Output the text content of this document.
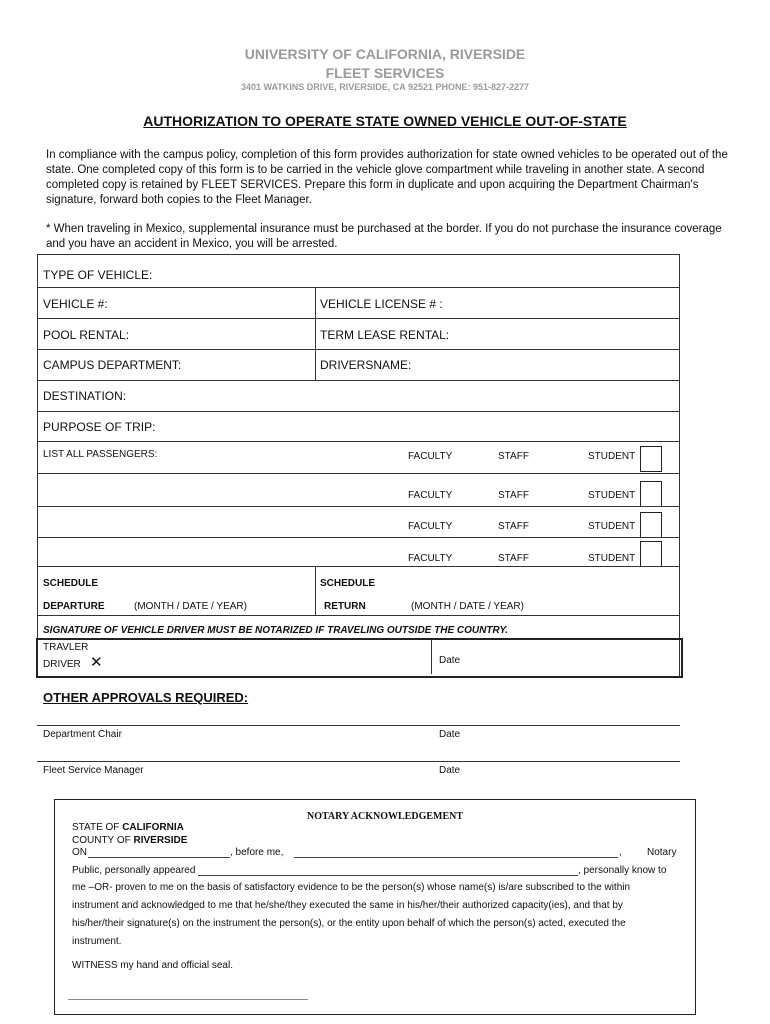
UNIVERSITY OF CALIFORNIA, RIVERSIDE
FLEET SERVICES
3401 WATKINS DRIVE, RIVERSIDE, CA 92521 PHONE: 951-827-2277
AUTHORIZATION TO OPERATE STATE OWNED VEHICLE OUT-OF-STATE
In compliance with the campus policy, completion of this form provides authorization for state owned vehicles to be operated out of the state. One completed copy of this form is to be carried in the vehicle glove compartment while traveling in another state. A second completed copy is retained by FLEET SERVICES. Prepare this form in duplicate and upon acquiring the Department Chairman's signature, forward both copies to the Fleet Manager.
* When traveling in Mexico, supplemental insurance must be purchased at the border. If you do not purchase the insurance coverage and you have an accident in Mexico, you will be arrested.
TYPE OF VEHICLE:
VEHICLE #:	VEHICLE LICENSE # :
POOL RENTAL:	TERM LEASE RENTAL:
CAMPUS DEPARTMENT:	DRIVERSNAME:
DESTINATION:
PURPOSE OF TRIP:
LIST ALL PASSENGERS:	FACULTY	STAFF	STUDENT
FACULTY	STAFF	STUDENT
FACULTY	STAFF	STUDENT
FACULTY	STAFF	STUDENT
SCHEDULE	SCHEDULE
DEPARTURE	(MONTH / DATE / YEAR)	RETURN	(MONTH / DATE / YEAR)
SIGNATURE OF VEHICLE DRIVER MUST BE NOTARIZED IF TRAVELING OUTSIDE THE COUNTRY.
TRAVLER
DRIVER ✕	Date
OTHER APPROVALS REQUIRED:
Department Chair	Date
Fleet Service Manager	Date
NOTARY ACKNOWLEDGEMENT
STATE OF CALIFORNIA
COUNTY OF RIVERSIDE
ON	, before me,	,	Notary
Public, personally appeared	, personally know to
me –OR- proven to me on the basis of satisfactory evidence to be the person(s) whose name(s) is/are subscribed to the within
instrument and acknowledged to me that he/she/they executed the same in his/her/their authorized capacity(ies), and that by
his/her/their signature(s) on the instrument the person(s), or the entity upon behalf of which the person(s) acted, executed the
instrument.
WITNESS my hand and official seal.
